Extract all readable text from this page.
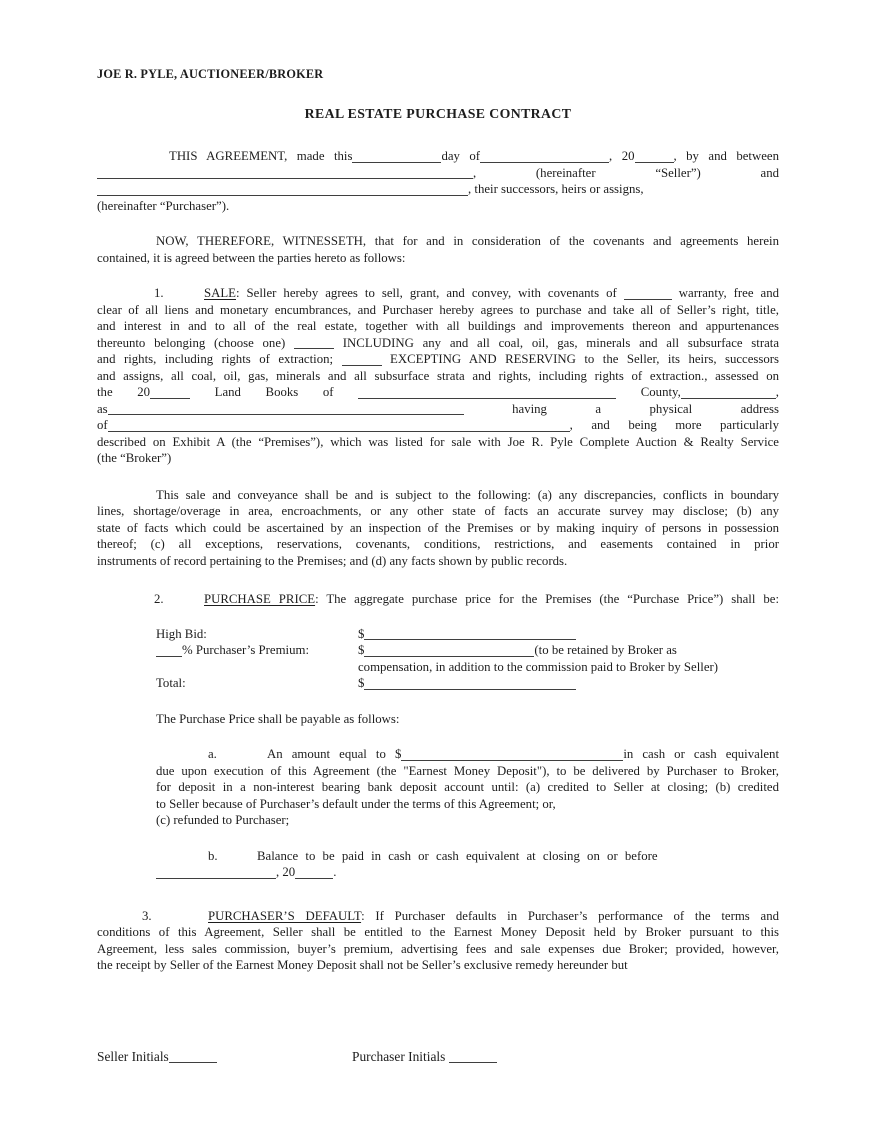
JOE R. PYLE, AUCTIONEER/BROKER
REAL ESTATE PURCHASE CONTRACT
THIS AGREEMENT, made this	day of	, 20	, by and between
,	(hereinafter	“Seller”)	and
, their successors, heirs or assigns,
(hereinafter “Purchaser”).
NOW, THEREFORE, WITNESSETH, that for and in consideration of the covenants and agreements herein
contained, it is agreed between the parties hereto as follows:
1.	SALE: Seller hereby agrees to sell, grant, and convey, with covenants of	warranty, free and
clear of all liens and monetary encumbrances, and Purchaser hereby agrees to purchase and take all of Seller’s right, title,
and interest in and to all of the real estate, together with all buildings and improvements thereon and appurtenances
thereunto belonging (choose one)	INCLUDING any and all coal, oil, gas, minerals and all subsurface strata
and rights, including rights of extraction;	EXCEPTING AND RESERVING to the Seller, its heirs, successors
and assigns, all coal, oil, gas, minerals and all subsurface strata and rights, including rights of extraction., assessed on
the 20	Land Books of	County,	,
as	having a physical address
of	, and being more particularly
described on Exhibit A (the “Premises”), which was listed for sale with Joe R. Pyle Complete Auction & Realty Service
(the “Broker”)
This sale and conveyance shall be and is subject to the following: (a) any discrepancies, conflicts in boundary
lines, shortage/overage in area, encroachments, or any other state of facts an accurate survey may disclose; (b) any
state of facts which could be ascertained by an inspection of the Premises or by making inquiry of persons in possession
thereof; (c) all exceptions, reservations, covenants, conditions, restrictions, and easements contained in prior
instruments of record pertaining to the Premises; and (d) any facts shown by public records.
2.	PURCHASE PRICE: The aggregate purchase price for the Premises (the “Purchase Price”) shall be:
High Bid:	$
% Purchaser’s Premium:	$	(to be retained by Broker as
compensation, in addition to the commission paid to Broker by Seller)
Total:	$
The Purchase Price shall be payable as follows:
a.	An amount equal to $	in cash or cash equivalent
due upon execution of this Agreement (the "Earnest Money Deposit"), to be delivered by Purchaser to Broker,
for deposit in a non-interest bearing bank deposit account until: (a) credited to Seller at closing; (b) credited
to Seller because of Purchaser’s default under the terms of this Agreement; or,
(c) refunded to Purchaser;
b.	Balance to be paid in cash or cash equivalent at closing on or before
, 20	.
3.	PURCHASER’S DEFAULT: If Purchaser defaults in Purchaser’s performance of the terms and
conditions of this Agreement, Seller shall be entitled to the Earnest Money Deposit held by Broker pursuant to this
Agreement, less sales commission, buyer’s premium, advertising fees and sale expenses due Broker; provided, however,
the receipt by Seller of the Earnest Money Deposit shall not be Seller’s exclusive remedy hereunder but
Seller Initials	Purchaser Initials
